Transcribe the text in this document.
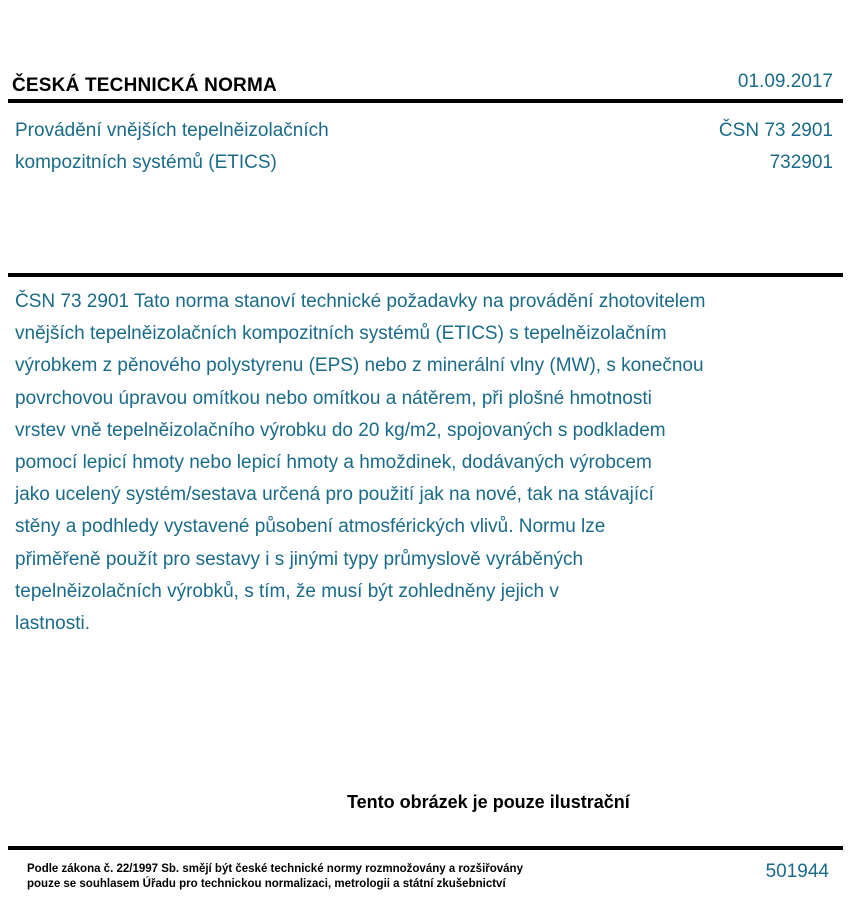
ČESKÁ TECHNICKÁ NORMA	01.09.2017
Provádění vnějších tepelněizolačních
kompozitních systémů (ETICS)
ČSN 73 2901
732901
ČSN 73 2901 Tato norma stanoví technické požadavky na provádění zhotovitelem
vnějších tepelněizolačních kompozitních systémů (ETICS) s tepelněizolačním
výrobkem z pěnového polystyrenu (EPS) nebo z minerální vlny (MW), s konečnou
povrchovou úpravou omítkou nebo omítkou a nátěrem, při plošné hmotnosti
vrstev vně tepelněizolačního výrobku do 20 kg/m2, spojovaných s podkladem
pomocí lepicí hmoty nebo lepicí hmoty a hmoždinek, dodávaných výrobcem
jako ucelený systém/sestava určená pro použití jak na nové, tak na stávající
stěny a podhledy vystavené působení atmosférických vlivů. Normu lze
přiměřeně použít pro sestavy i s jinými typy průmyslově vyráběných
tepelněizolačních výrobků, s tím, že musí být zohledněny jejich v
lastnosti.
Tento obrázek je pouze ilustrační
Podle zákona č. 22/1997 Sb. smějí být české technické normy rozmnožovány a rozšiřovány
pouze se souhlasem Úřadu pro technickou normalizaci, metrologii a státní zkušebnictví
501944
